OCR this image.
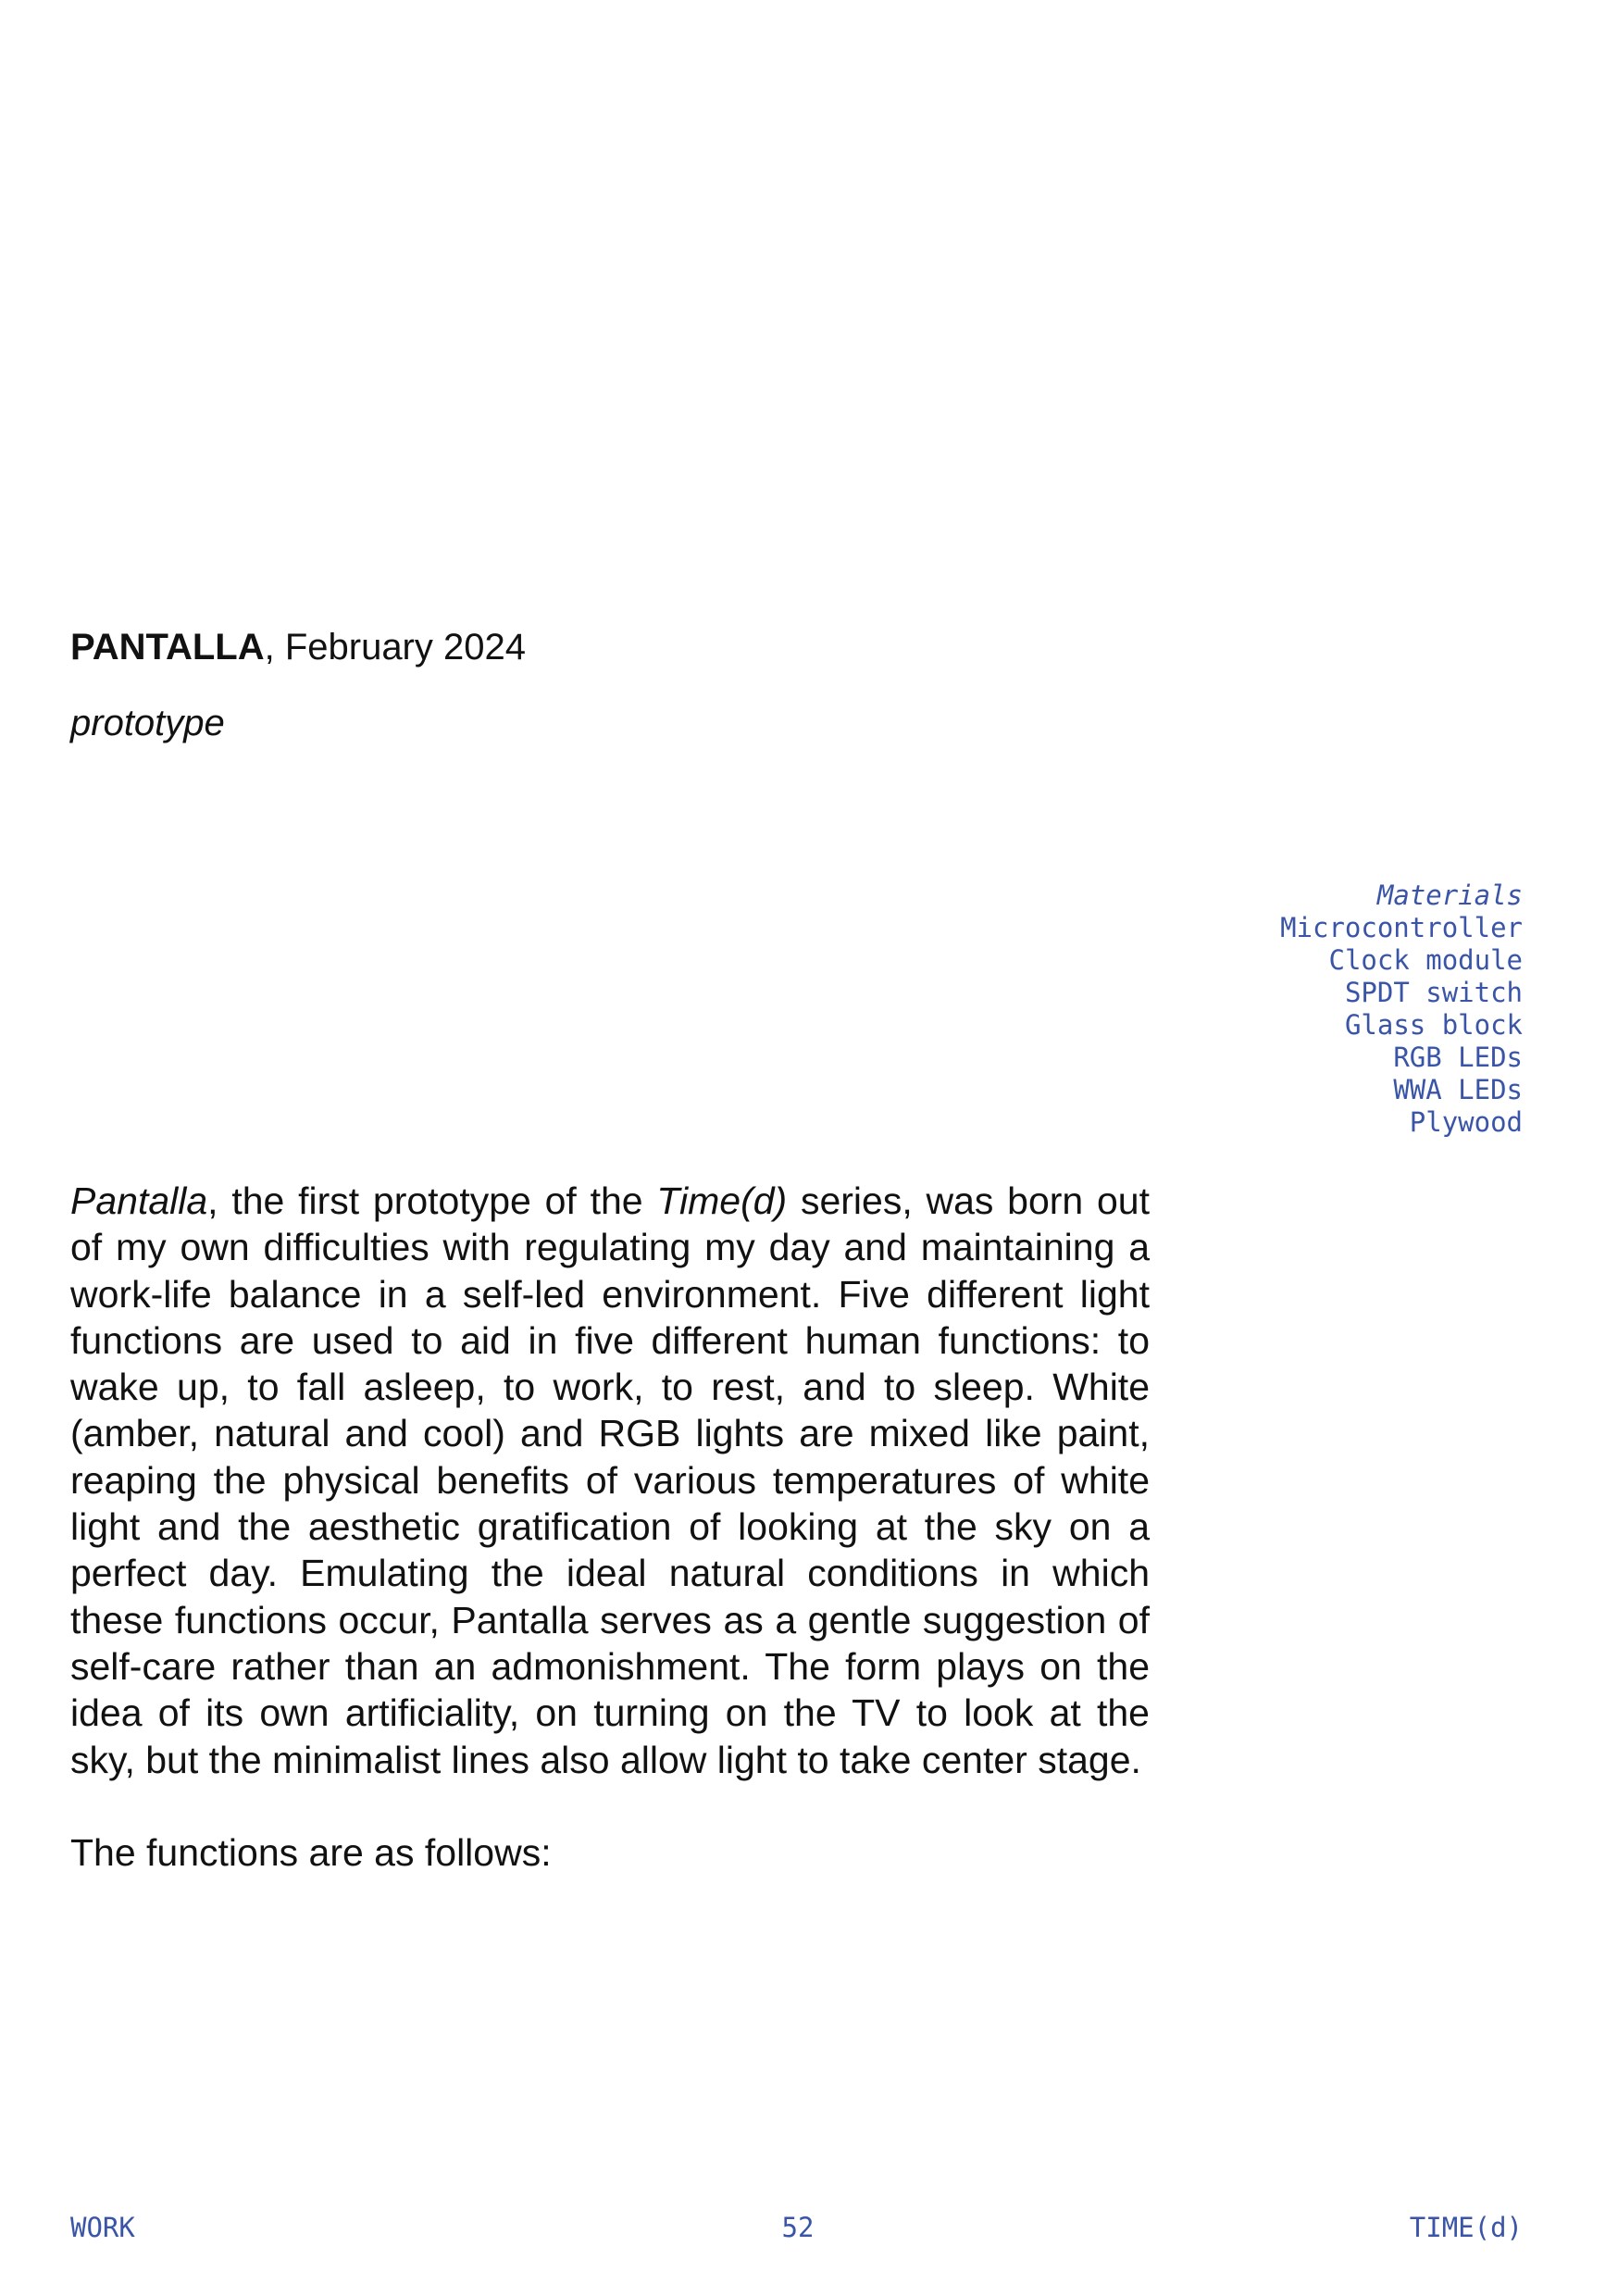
PANTALLA, February 2024
prototype
Materials
Microcontroller
Clock module
SPDT switch
Glass block
RGB LEDs
WWA LEDs
Plywood

Pantalla, the first prototype of the Time(d) series, was born out of my own difficulties with regulating my day and maintaining a work-life balance in a self-led environment. Five different light functions are used to aid in five different human functions: to wake up, to fall asleep, to work, to rest, and to sleep. White (amber, natural and cool) and RGB lights are mixed like paint, reaping the physical benefits of various temperatures of white light and the aesthetic gratification of looking at the sky on a perfect day. Emulating the ideal natural conditions in which these functions occur, Pantalla serves as a gentle suggestion of self-care rather than an admonishment. The form plays on the idea of its own artificiality, on turning on the TV to look at the sky, but the minimalist lines also allow light to take center stage.

The functions are as follows:

WORK	52	TIME(d)
